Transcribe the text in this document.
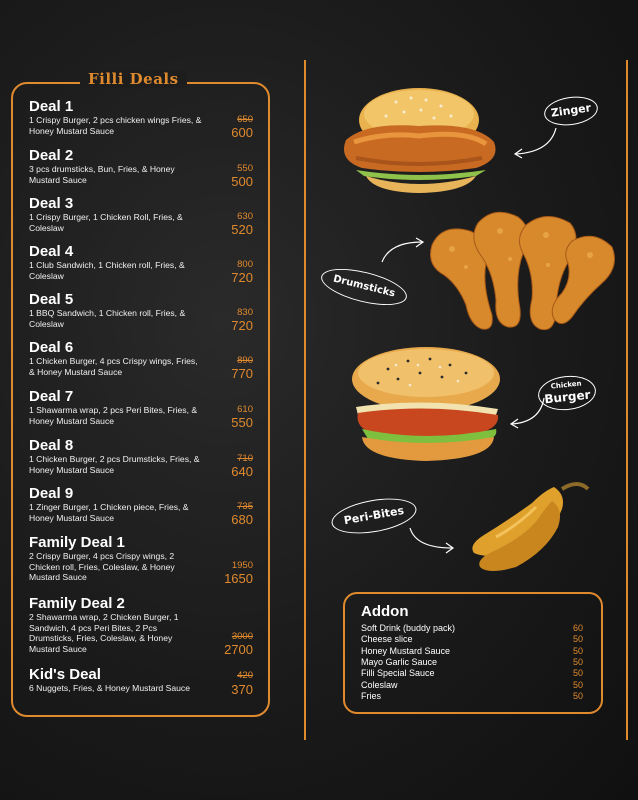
Filli Deals
Deal 1
1 Crispy Burger, 2 pcs chicken wings Fries, & Honey Mustard Sauce
650
600
Deal 2
3 pcs drumsticks, Bun, Fries, & Honey Mustard Sauce
550
500
Deal 3
1 Crispy Burger, 1 Chicken Roll, Fries, & Coleslaw
630
520
Deal 4
1 Club Sandwich, 1 Chicken roll, Fries, & Coleslaw
800
720
Deal 5
1 BBQ Sandwich, 1 Chicken roll, Fries, & Coleslaw
830
720
Deal 6
1 Chicken Burger, 4 pcs Crispy wings, Fries, & Honey Mustard Sauce
890
770
Deal 7
1 Shawarma wrap, 2 pcs Peri Bites, Fries, & Honey Mustard Sauce
610
550
Deal 8
1 Chicken Burger, 2 pcs Drumsticks, Fries, & Honey Mustard Sauce
710
640
Deal 9
1 Zinger Burger, 1 Chicken piece, Fries, & Honey Mustard Sauce
735
680
Family Deal 1
2 Crispy Burger, 4 pcs Crispy wings, 2 Chicken roll, Fries, Coleslaw, & Honey Mustard Sauce
1950
1650
Family Deal 2
2 Shawarma wrap, 2 Chicken Burger, 1 Sandwich, 4 pcs Peri Bites, 2 Pcs Drumsticks, Fries, Coleslaw, & Honey Mustard Sauce
3000
2700
Kid's Deal
6 Nuggets, Fries, & Honey Mustard Sauce
420
370
Zinger
Drumsticks
Chicken
Burger
Peri-Bites
Addon
Soft Drink (buddy pack)	60
Cheese slice	50
Honey Mustard Sauce	50
Mayo Garlic Sauce	50
Filli Special Sauce	50
Coleslaw	50
Fries	50
